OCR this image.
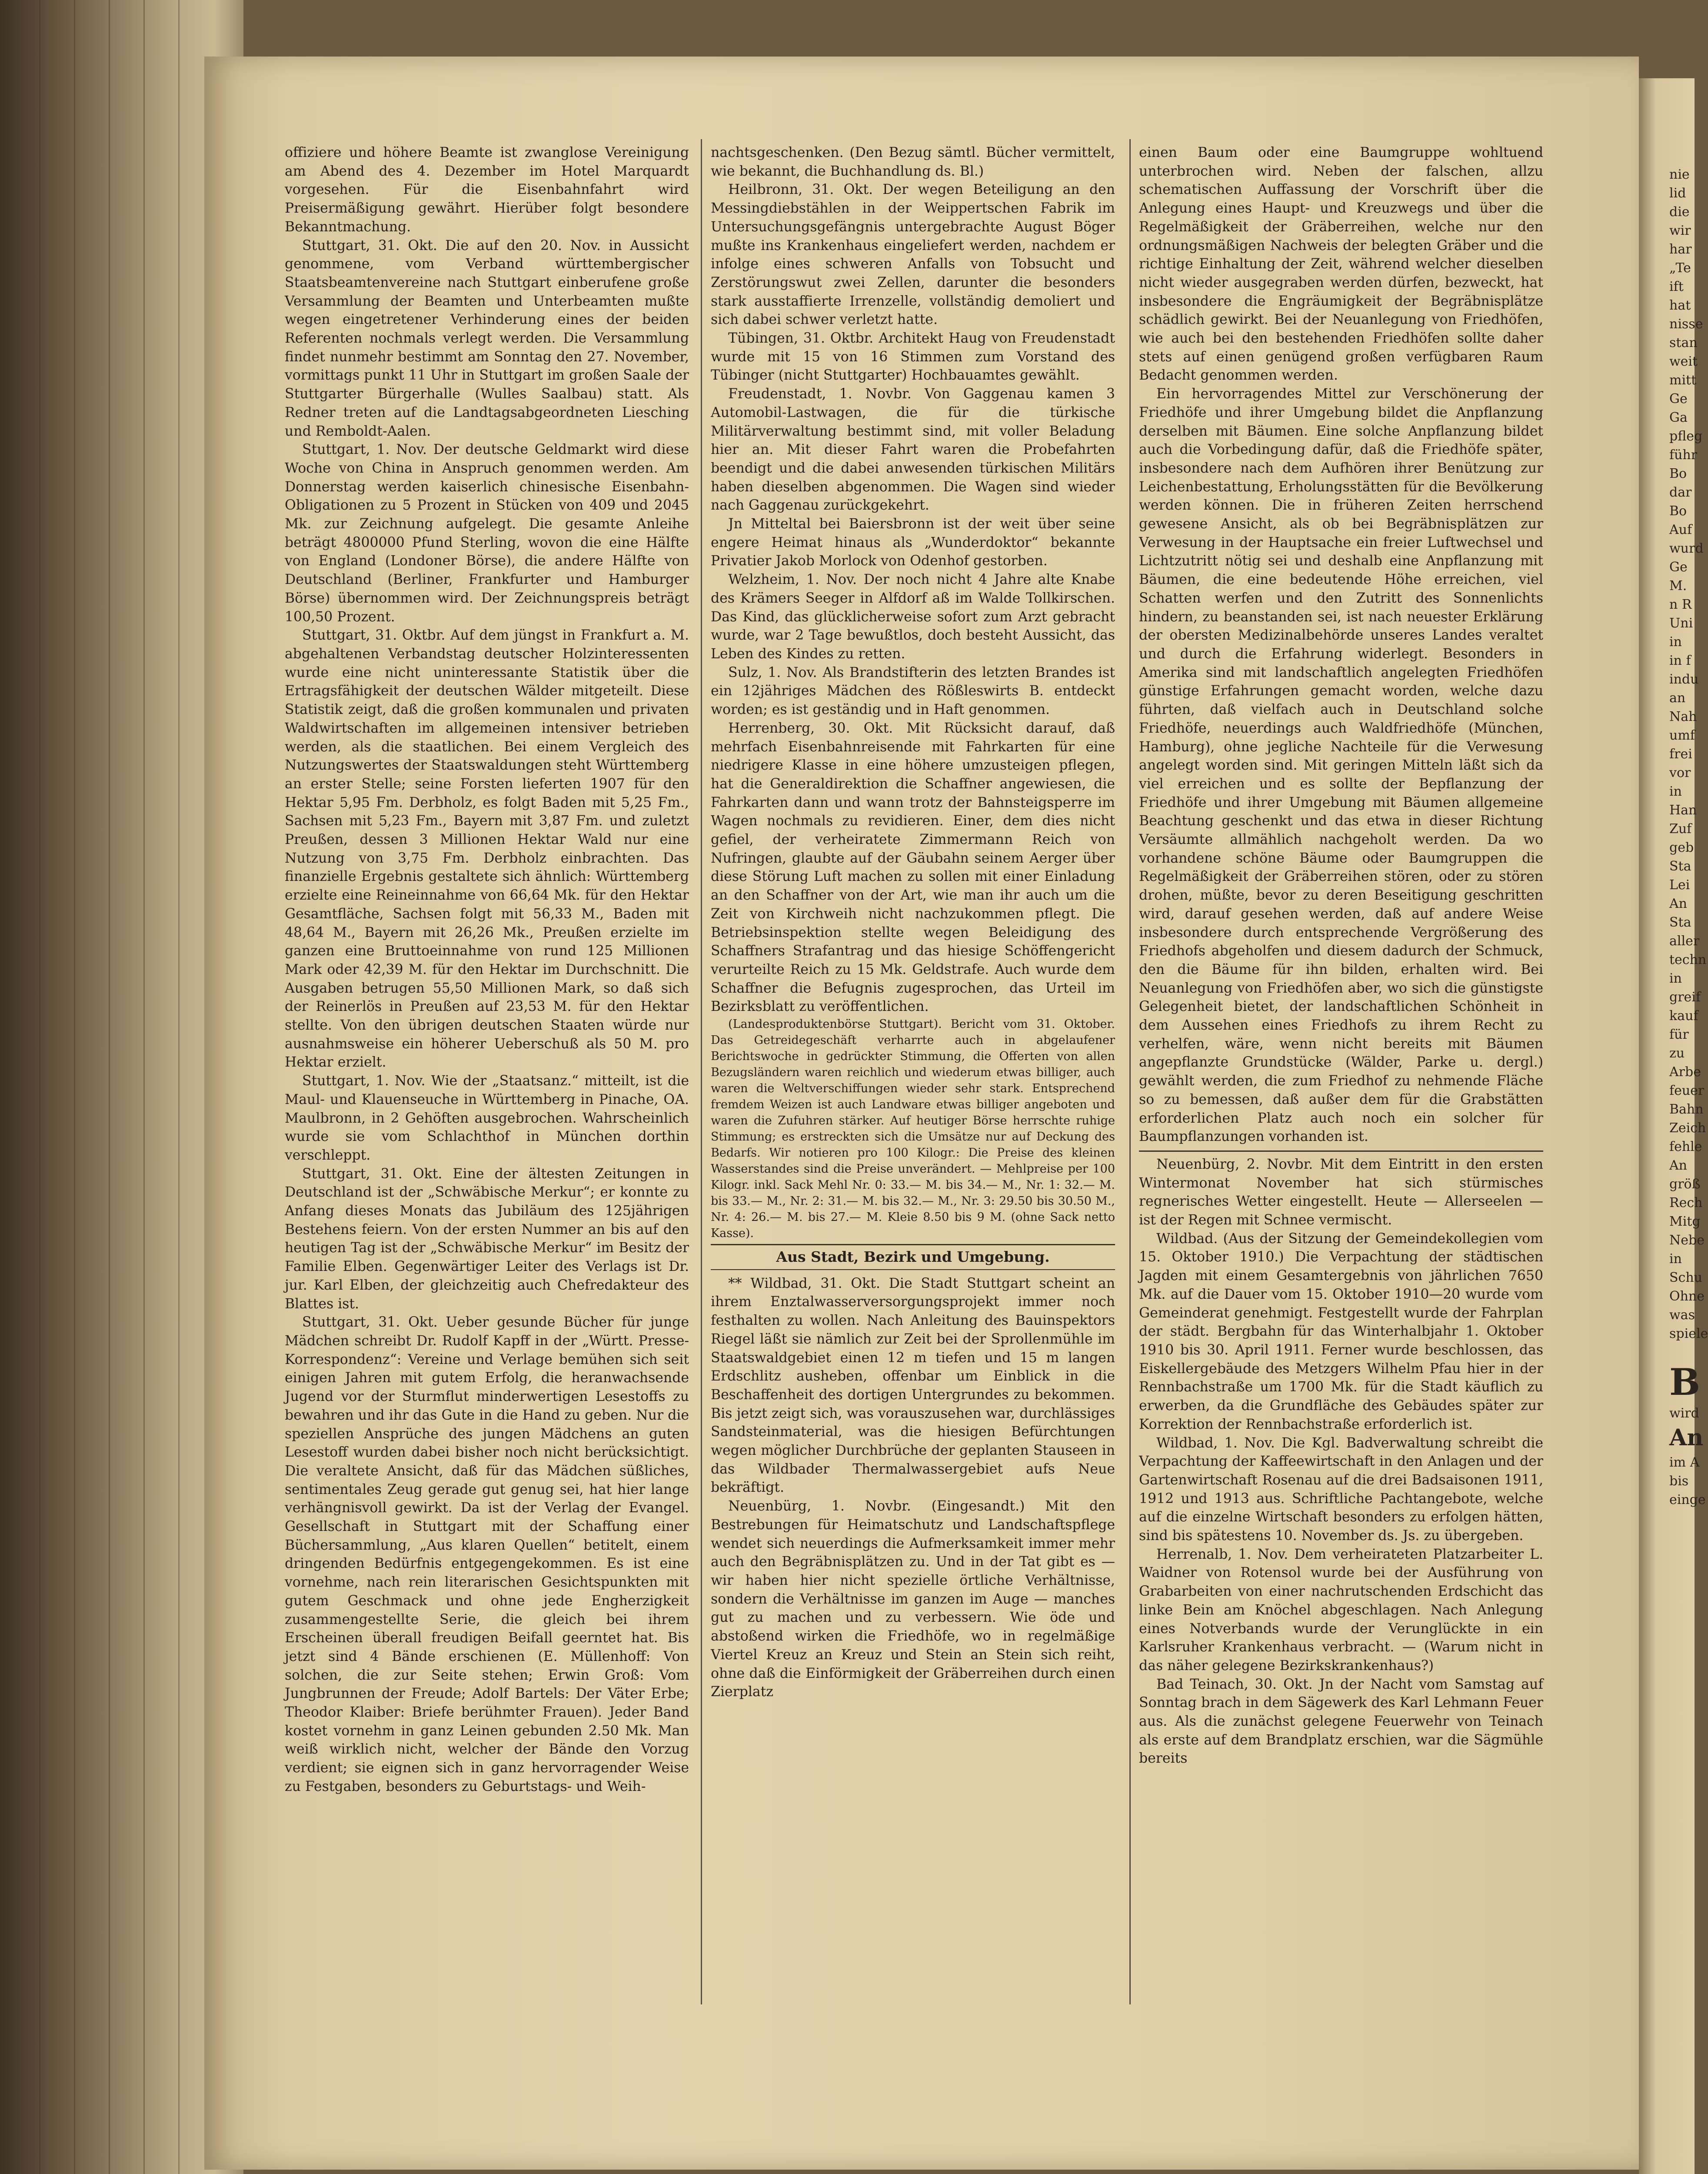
offiziere und höhere Beamte ist zwanglose Vereinigung am Abend des 4. Dezember im Hotel Marquardt vorgesehen. Für die Eisenbahnfahrt wird Preisermäßigung gewährt. Hierüber folgt besondere Bekanntmachung.

Stuttgart, 31. Okt. Die auf den 20. Nov. in Aussicht genommene, vom Verband württembergischer Staatsbeamtenvereine nach Stuttgart einberufene große Versammlung der Beamten und Unterbeamten mußte wegen eingetretener Verhinderung eines der beiden Referenten nochmals verlegt werden. Die Versammlung findet nunmehr bestimmt am Sonntag den 27. November, vormittags punkt 11 Uhr in Stuttgart im großen Saale der Stuttgarter Bürgerhalle (Wulles Saalbau) statt. Als Redner treten auf die Landtagsabgeordneten Liesching und Remboldt-Aalen.

Stuttgart, 1. Nov. Der deutsche Geldmarkt wird diese Woche von China in Anspruch genommen werden. Am Donnerstag werden kaiserlich chinesische Eisenbahn-Obligationen zu 5 Prozent in Stücken von 409 und 2045 Mk. zur Zeichnung aufgelegt. Die gesamte Anleihe beträgt 4800000 Pfund Sterling, wovon die eine Hälfte von England (Londoner Börse), die andere Hälfte von Deutschland (Berliner, Frankfurter und Hamburger Börse) übernommen wird. Der Zeichnungspreis beträgt 100,50 Prozent.

Stuttgart, 31. Oktbr. Auf dem jüngst in Frankfurt a. M. abgehaltenen Verbandstag deutscher Holzinteressenten wurde eine nicht uninteressante Statistik über die Ertragsfähigkeit der deutschen Wälder mitgeteilt. Diese Statistik zeigt, daß die großen kommunalen und privaten Waldwirtschaften im allgemeinen intensiver betrieben werden, als die staatlichen. Bei einem Vergleich des Nutzungswertes der Staatswaldungen steht Württemberg an erster Stelle; seine Forsten lieferten 1907 für den Hektar 5,95 Fm. Derbholz, es folgt Baden mit 5,25 Fm., Sachsen mit 5,23 Fm., Bayern mit 3,87 Fm. und zuletzt Preußen, dessen 3 Millionen Hektar Wald nur eine Nutzung von 3,75 Fm. Derbholz einbrachten. Das finanzielle Ergebnis gestaltete sich ähnlich: Württemberg erzielte eine Reineinnahme von 66,64 Mk. für den Hektar Gesamtfläche, Sachsen folgt mit 56,33 M., Baden mit 48,64 M., Bayern mit 26,26 Mk., Preußen erzielte im ganzen eine Bruttoeinnahme von rund 125 Millionen Mark oder 42,39 M. für den Hektar im Durchschnitt. Die Ausgaben betrugen 55,50 Millionen Mark, so daß sich der Reinerlös in Preußen auf 23,53 M. für den Hektar stellte. Von den übrigen deutschen Staaten würde nur ausnahmsweise ein höherer Ueberschuß als 50 M. pro Hektar erzielt.

Stuttgart, 1. Nov. Wie der „Staatsanz.“ mitteilt, ist die Maul- und Klauenseuche in Württemberg in Pinache, OA. Maulbronn, in 2 Gehöften ausgebrochen. Wahrscheinlich wurde sie vom Schlachthof in München dorthin verschleppt.

Stuttgart, 31. Okt. Eine der ältesten Zeitungen in Deutschland ist der „Schwäbische Merkur“; er konnte zu Anfang dieses Monats das Jubiläum des 125jährigen Bestehens feiern. Von der ersten Nummer an bis auf den heutigen Tag ist der „Schwäbische Merkur“ im Besitz der Familie Elben. Gegenwärtiger Leiter des Verlags ist Dr. jur. Karl Elben, der gleichzeitig auch Chefredakteur des Blattes ist.

Stuttgart, 31. Okt. Ueber gesunde Bücher für junge Mädchen schreibt Dr. Rudolf Kapff in der „Württ. Presse-Korrespondenz“: Vereine und Verlage bemühen sich seit einigen Jahren mit gutem Erfolg, die heranwachsende Jugend vor der Sturmflut minderwertigen Lesestoffs zu bewahren und ihr das Gute in die Hand zu geben. Nur die speziellen Ansprüche des jungen Mädchens an guten Lesestoff wurden dabei bisher noch nicht berücksichtigt. Die veraltete Ansicht, daß für das Mädchen süßliches, sentimentales Zeug gerade gut genug sei, hat hier lange verhängnisvoll gewirkt. Da ist der Verlag der Evangel. Gesellschaft in Stuttgart mit der Schaffung einer Büchersammlung, „Aus klaren Quellen“ betitelt, einem dringenden Bedürfnis entgegengekommen. Es ist eine vornehme, nach rein literarischen Gesichtspunkten mit gutem Geschmack und ohne jede Engherzigkeit zusammengestellte Serie, die gleich bei ihrem Erscheinen überall freudigen Beifall geerntet hat. Bis jetzt sind 4 Bände erschienen (E. Müllenhoff: Von solchen, die zur Seite stehen; Erwin Groß: Vom Jungbrunnen der Freude; Adolf Bartels: Der Väter Erbe; Theodor Klaiber: Briefe berühmter Frauen). Jeder Band kostet vornehm in ganz Leinen gebunden 2.50 Mk. Man weiß wirklich nicht, welcher der Bände den Vorzug verdient; sie eignen sich in ganz hervorragender Weise zu Festgaben, besonders zu Geburtstags- und Weih-

nachtsgeschenken. (Den Bezug sämtl. Bücher vermittelt, wie bekannt, die Buchhandlung ds. Bl.)

Heilbronn, 31. Okt. Der wegen Beteiligung an den Messingdiebstählen in der Weippertschen Fabrik im Untersuchungsgefängnis untergebrachte August Böger mußte ins Krankenhaus eingeliefert werden, nachdem er infolge eines schweren Anfalls von Tobsucht und Zerstörungswut zwei Zellen, darunter die besonders stark ausstaffierte Irrenzelle, vollständig demoliert und sich dabei schwer verletzt hatte.

Tübingen, 31. Oktbr. Architekt Haug von Freudenstadt wurde mit 15 von 16 Stimmen zum Vorstand des Tübinger (nicht Stuttgarter) Hochbauamtes gewählt.

Freudenstadt, 1. Novbr. Von Gaggenau kamen 3 Automobil-Lastwagen, die für die türkische Militärverwaltung bestimmt sind, mit voller Beladung hier an. Mit dieser Fahrt waren die Probefahrten beendigt und die dabei anwesenden türkischen Militärs haben dieselben abgenommen. Die Wagen sind wieder nach Gaggenau zurückgekehrt.

Jn Mitteltal bei Baiersbronn ist der weit über seine engere Heimat hinaus als „Wunderdoktor“ bekannte Privatier Jakob Morlock von Odenhof gestorben.

Welzheim, 1. Nov. Der noch nicht 4 Jahre alte Knabe des Krämers Seeger in Alfdorf aß im Walde Tollkirschen. Das Kind, das glücklicherweise sofort zum Arzt gebracht wurde, war 2 Tage bewußtlos, doch besteht Aussicht, das Leben des Kindes zu retten.

Sulz, 1. Nov. Als Brandstifterin des letzten Brandes ist ein 12jähriges Mädchen des Rößleswirts B. entdeckt worden; es ist geständig und in Haft genommen.

Herrenberg, 30. Okt. Mit Rücksicht darauf, daß mehrfach Eisenbahnreisende mit Fahrkarten für eine niedrigere Klasse in eine höhere umzusteigen pflegen, hat die Generaldirektion die Schaffner angewiesen, die Fahrkarten dann und wann trotz der Bahnsteigsperre im Wagen nochmals zu revidieren. Einer, dem dies nicht gefiel, der verheiratete Zimmermann Reich von Nufringen, glaubte auf der Gäubahn seinem Aerger über diese Störung Luft machen zu sollen mit einer Einladung an den Schaffner von der Art, wie man ihr auch um die Zeit von Kirchweih nicht nachzukommen pflegt. Die Betriebsinspektion stellte wegen Beleidigung des Schaffners Strafantrag und das hiesige Schöffengericht verurteilte Reich zu 15 Mk. Geldstrafe. Auch wurde dem Schaffner die Befugnis zugesprochen, das Urteil im Bezirksblatt zu veröffentlichen.

(Landesproduktenbörse Stuttgart). Bericht vom 31. Oktober. Das Getreidegeschäft verharrte auch in abgelaufener Berichtswoche in gedrückter Stimmung, die Offerten von allen Bezugsländern waren reichlich und wiederum etwas billiger, auch waren die Weltverschiffungen wieder sehr stark. Entsprechend fremdem Weizen ist auch Landware etwas billiger angeboten und waren die Zufuhren stärker. Auf heutiger Börse herrschte ruhige Stimmung; es erstreckten sich die Umsätze nur auf Deckung des Bedarfs. Wir notieren pro 100 Kilogr.: Die Preise des kleinen Wasserstandes sind die Preise unverändert. — Mehlpreise per 100 Kilogr. inkl. Sack Mehl Nr. 0: 33.— M. bis 34.— M., Nr. 1: 32.— M. bis 33.— M., Nr. 2: 31.— M. bis 32.— M., Nr. 3: 29.50 bis 30.50 M., Nr. 4: 26.— M. bis 27.— M. Kleie 8.50 bis 9 M. (ohne Sack netto Kasse).

Aus Stadt, Bezirk und Umgebung.

** Wildbad, 31. Okt. Die Stadt Stuttgart scheint an ihrem Enztalwasserversorgungsprojekt immer noch festhalten zu wollen. Nach Anleitung des Bauinspektors Riegel läßt sie nämlich zur Zeit bei der Sprollenmühle im Staatswaldgebiet einen 12 m tiefen und 15 m langen Erdschlitz ausheben, offenbar um Einblick in die Beschaffenheit des dortigen Untergrundes zu bekommen. Bis jetzt zeigt sich, was vorauszusehen war, durchlässiges Sandsteinmaterial, was die hiesigen Befürchtungen wegen möglicher Durchbrüche der geplanten Stauseen in das Wildbader Thermalwassergebiet aufs Neue bekräftigt.

Neuenbürg, 1. Novbr. (Eingesandt.) Mit den Bestrebungen für Heimatschutz und Landschaftspflege wendet sich neuerdings die Aufmerksamkeit immer mehr auch den Begräbnisplätzen zu. Und in der Tat gibt es — wir haben hier nicht spezielle örtliche Verhältnisse, sondern die Verhältnisse im ganzen im Auge — manches gut zu machen und zu verbessern. Wie öde und abstoßend wirken die Friedhöfe, wo in regelmäßige Viertel Kreuz an Kreuz und Stein an Stein sich reiht, ohne daß die Einförmigkeit der Gräberreihen durch einen Zierplatz

einen Baum oder eine Baumgruppe wohltuend unterbrochen wird. Neben der falschen, allzu schematischen Auffassung der Vorschrift über die Anlegung eines Haupt- und Kreuzwegs und über die Regelmäßigkeit der Gräberreihen, welche nur den ordnungsmäßigen Nachweis der belegten Gräber und die richtige Einhaltung der Zeit, während welcher dieselben nicht wieder ausgegraben werden dürfen, bezweckt, hat insbesondere die Engräumigkeit der Begräbnisplätze schädlich gewirkt. Bei der Neuanlegung von Friedhöfen, wie auch bei den bestehenden Friedhöfen sollte daher stets auf einen genügend großen verfügbaren Raum Bedacht genommen werden.

Ein hervorragendes Mittel zur Verschönerung der Friedhöfe und ihrer Umgebung bildet die Anpflanzung derselben mit Bäumen. Eine solche Anpflanzung bildet auch die Vorbedingung dafür, daß die Friedhöfe später, insbesondere nach dem Aufhören ihrer Benützung zur Leichenbestattung, Erholungsstätten für die Bevölkerung werden können. Die in früheren Zeiten herrschend gewesene Ansicht, als ob bei Begräbnisplätzen zur Verwesung in der Hauptsache ein freier Luftwechsel und Lichtzutritt nötig sei und deshalb eine Anpflanzung mit Bäumen, die eine bedeutende Höhe erreichen, viel Schatten werfen und den Zutritt des Sonnenlichts hindern, zu beanstanden sei, ist nach neuester Erklärung der obersten Medizinalbehörde unseres Landes veraltet und durch die Erfahrung widerlegt. Besonders in Amerika sind mit landschaftlich angelegten Friedhöfen günstige Erfahrungen gemacht worden, welche dazu führten, daß vielfach auch in Deutschland solche Friedhöfe, neuerdings auch Waldfriedhöfe (München, Hamburg), ohne jegliche Nachteile für die Verwesung angelegt worden sind. Mit geringen Mitteln läßt sich da viel erreichen und es sollte der Bepflanzung der Friedhöfe und ihrer Umgebung mit Bäumen allgemeine Beachtung geschenkt und das etwa in dieser Richtung Versäumte allmählich nachgeholt werden. Da wo vorhandene schöne Bäume oder Baumgruppen die Regelmäßigkeit der Gräberreihen stören, oder zu stören drohen, müßte, bevor zu deren Beseitigung geschritten wird, darauf gesehen werden, daß auf andere Weise insbesondere durch entsprechende Vergrößerung des Friedhofs abgeholfen und diesem dadurch der Schmuck, den die Bäume für ihn bilden, erhalten wird. Bei Neuanlegung von Friedhöfen aber, wo sich die günstigste Gelegenheit bietet, der landschaftlichen Schönheit in dem Aussehen eines Friedhofs zu ihrem Recht zu verhelfen, wäre, wenn nicht bereits mit Bäumen angepflanzte Grundstücke (Wälder, Parke u. dergl.) gewählt werden, die zum Friedhof zu nehmende Fläche so zu bemessen, daß außer dem für die Grabstätten erforderlichen Platz auch noch ein solcher für Baumpflanzungen vorhanden ist.

Neuenbürg, 2. Novbr. Mit dem Eintritt in den ersten Wintermonat November hat sich stürmisches regnerisches Wetter eingestellt. Heute — Allerseelen — ist der Regen mit Schnee vermischt.

Wildbad. (Aus der Sitzung der Gemeindekollegien vom 15. Oktober 1910.) Die Verpachtung der städtischen Jagden mit einem Gesamtergebnis von jährlichen 7650 Mk. auf die Dauer vom 15. Oktober 1910—20 wurde vom Gemeinderat genehmigt. Festgestellt wurde der Fahrplan der städt. Bergbahn für das Winterhalbjahr 1. Oktober 1910 bis 30. April 1911. Ferner wurde beschlossen, das Eiskellergebäude des Metzgers Wilhelm Pfau hier in der Rennbachstraße um 1700 Mk. für die Stadt käuflich zu erwerben, da die Grundfläche des Gebäudes später zur Korrektion der Rennbachstraße erforderlich ist.

Wildbad, 1. Nov. Die Kgl. Badverwaltung schreibt die Verpachtung der Kaffeewirtschaft in den Anlagen und der Gartenwirtschaft Rosenau auf die drei Badsaisonen 1911, 1912 und 1913 aus. Schriftliche Pachtangebote, welche auf die einzelne Wirtschaft besonders zu erfolgen hätten, sind bis spätestens 10. November ds. Js. zu übergeben.

Herrenalb, 1. Nov. Dem verheirateten Platzarbeiter L. Waidner von Rotensol wurde bei der Ausführung von Grabarbeiten von einer nachrutschenden Erdschicht das linke Bein am Knöchel abgeschlagen. Nach Anlegung eines Notverbands wurde der Verunglückte in ein Karlsruher Krankenhaus verbracht. — (Warum nicht in das näher gelegene Bezirkskrankenhaus?)

Bad Teinach, 30. Okt. Jn der Nacht vom Samstag auf Sonntag brach in dem Sägewerk des Karl Lehmann Feuer aus. Als die zunächst gelegene Feuerwehr von Teinach als erste auf dem Brandplatz erschien, war die Sägmühle bereits

nie
lid
die
wir
har
„Te
ift
hat
nisse
stan
weit
mitt
Ge
Ga
pfleg
führ
Bo
dar
Bo
Auf
wurd
Ge
M.
n R
Uni
in
in f
indu
an
Nah
umf
frei
vor
in
Han
Zuf
geb
Sta
Lei
An
Sta
aller
techn
in
greif
kauf
für
zu
Arbe
feuer
Bahn
Zeich
fehle
An
größ
Rech
Mitg
Nebe
in
Schu
Ohne
was
spiele
B
wird
An
im A
bis
einge
